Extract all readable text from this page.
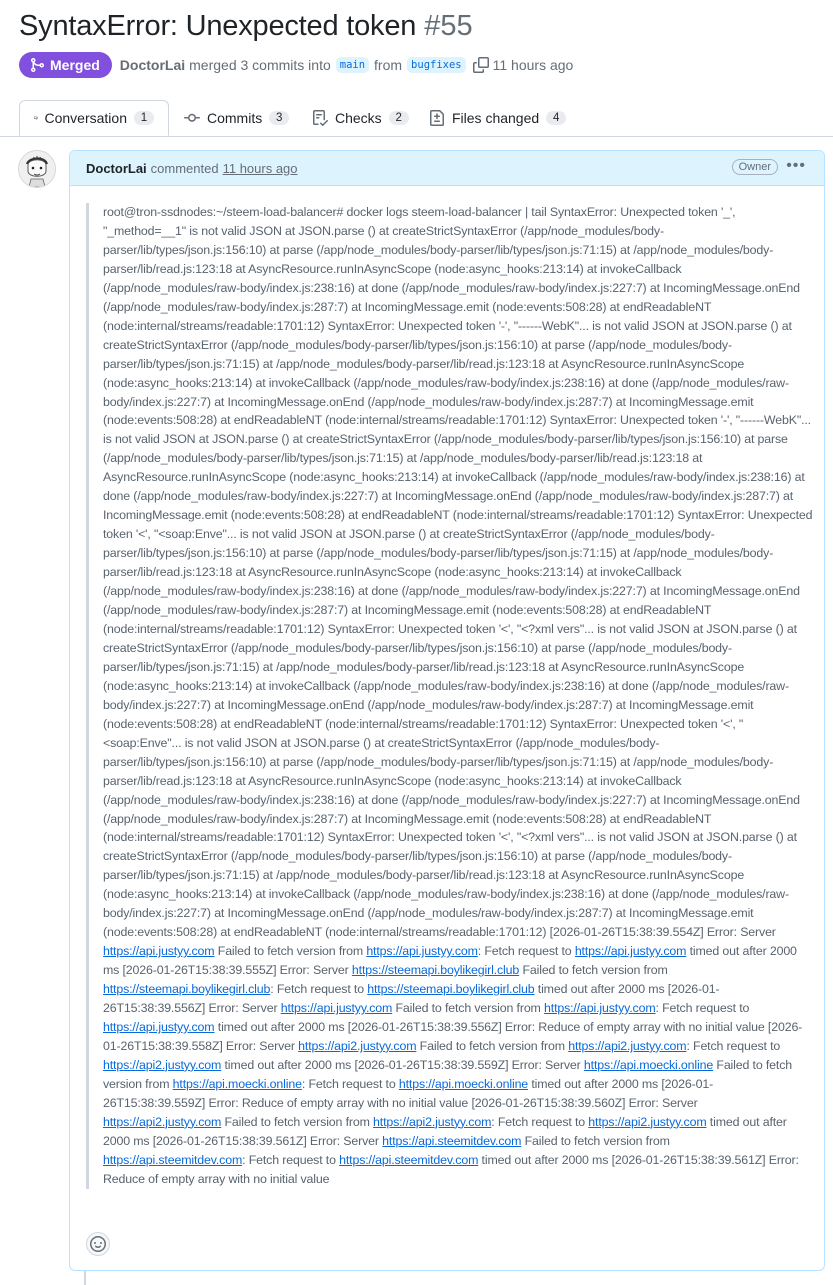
SyntaxError: Unexpected token #55
Merged DoctorLai merged 3 commits into main from bugfixes 11 hours ago
Conversation	1	Commits	3	Checks	2	Files changed	4
DoctorLai commented 11 hours ago	Owner •••

root@tron-ssdnodes:~/steem-load-balancer# docker logs steem-load-balancer | tail SyntaxError: Unexpected token '_', "_method=__1" is not valid JSON at JSON.parse () at createStrictSyntaxError (/app/node_modules/body-parser/lib/types/json.js:156:10) at parse (/app/node_modules/body-parser/lib/types/json.js:71:15) at /app/node_modules/body-parser/lib/read.js:123:18 at AsyncResource.runInAsyncScope (node:async_hooks:213:14) at invokeCallback (/app/node_modules/raw-body/index.js:238:16) at done (/app/node_modules/raw-body/index.js:227:7) at IncomingMessage.onEnd (/app/node_modules/raw-body/index.js:287:7) at IncomingMessage.emit (node:events:508:28) at endReadableNT (node:internal/streams/readable:1701:12) SyntaxError: Unexpected token '-', "------WebK"... is not valid JSON at JSON.parse () at createStrictSyntaxError (/app/node_modules/body-parser/lib/types/json.js:156:10) at parse (/app/node_modules/body-parser/lib/types/json.js:71:15) at /app/node_modules/body-parser/lib/read.js:123:18 at AsyncResource.runInAsyncScope (node:async_hooks:213:14) at invokeCallback (/app/node_modules/raw-body/index.js:238:16) at done (/app/node_modules/raw-body/index.js:227:7) at IncomingMessage.onEnd (/app/node_modules/raw-body/index.js:287:7) at IncomingMessage.emit (node:events:508:28) at endReadableNT (node:internal/streams/readable:1701:12) SyntaxError: Unexpected token '-', "------WebK"... is not valid JSON at JSON.parse () at createStrictSyntaxError (/app/node_modules/body-parser/lib/types/json.js:156:10) at parse (/app/node_modules/body-parser/lib/types/json.js:71:15) at /app/node_modules/body-parser/lib/read.js:123:18 at AsyncResource.runInAsyncScope (node:async_hooks:213:14) at invokeCallback (/app/node_modules/raw-body/index.js:238:16) at done (/app/node_modules/raw-body/index.js:227:7) at IncomingMessage.onEnd (/app/node_modules/raw-body/index.js:287:7) at IncomingMessage.emit (node:events:508:28) at endReadableNT (node:internal/streams/readable:1701:12) SyntaxError: Unexpected token '<', "<soap:Enve"... is not valid JSON at JSON.parse () at createStrictSyntaxError (/app/node_modules/body-parser/lib/types/json.js:156:10) at parse (/app/node_modules/body-parser/lib/types/json.js:71:15) at /app/node_modules/body-parser/lib/read.js:123:18 at AsyncResource.runInAsyncScope (node:async_hooks:213:14) at invokeCallback (/app/node_modules/raw-body/index.js:238:16) at done (/app/node_modules/raw-body/index.js:227:7) at IncomingMessage.onEnd (/app/node_modules/raw-body/index.js:287:7) at IncomingMessage.emit (node:events:508:28) at endReadableNT (node:internal/streams/readable:1701:12) SyntaxError: Unexpected token '<', "<?xml vers"... is not valid JSON at JSON.parse () at createStrictSyntaxError (/app/node_modules/body-parser/lib/types/json.js:156:10) at parse (/app/node_modules/body-parser/lib/types/json.js:71:15) at /app/node_modules/body-parser/lib/read.js:123:18 at AsyncResource.runInAsyncScope (node:async_hooks:213:14) at invokeCallback (/app/node_modules/raw-body/index.js:238:16) at done (/app/node_modules/raw-body/index.js:227:7) at IncomingMessage.onEnd (/app/node_modules/raw-body/index.js:287:7) at IncomingMessage.emit (node:events:508:28) at endReadableNT (node:internal/streams/readable:1701:12) SyntaxError: Unexpected token '<', "<soap:Enve"... is not valid JSON at JSON.parse () at createStrictSyntaxError (/app/node_modules/body-parser/lib/types/json.js:156:10) at parse (/app/node_modules/body-parser/lib/types/json.js:71:15) at /app/node_modules/body-parser/lib/read.js:123:18 at AsyncResource.runInAsyncScope (node:async_hooks:213:14) at invokeCallback (/app/node_modules/raw-body/index.js:238:16) at done (/app/node_modules/raw-body/index.js:227:7) at IncomingMessage.onEnd (/app/node_modules/raw-body/index.js:287:7) at IncomingMessage.emit (node:events:508:28) at endReadableNT (node:internal/streams/readable:1701:12) SyntaxError: Unexpected token '<', "<?xml vers"... is not valid JSON at JSON.parse () at createStrictSyntaxError (/app/node_modules/body-parser/lib/types/json.js:156:10) at parse (/app/node_modules/body-parser/lib/types/json.js:71:15) at /app/node_modules/body-parser/lib/read.js:123:18 at AsyncResource.runInAsyncScope (node:async_hooks:213:14) at invokeCallback (/app/node_modules/raw-body/index.js:238:16) at done (/app/node_modules/raw-body/index.js:227:7) at IncomingMessage.onEnd (/app/node_modules/raw-body/index.js:287:7) at IncomingMessage.emit (node:events:508:28) at endReadableNT (node:internal/streams/readable:1701:12) [2026-01-26T15:38:39.554Z] Error: Server https://api.justyy.com Failed to fetch version from https://api.justyy.com: Fetch request to https://api.justyy.com timed out after 2000 ms [2026-01-26T15:38:39.555Z] Error: Server https://steemapi.boylikegirl.club Failed to fetch version from https://steemapi.boylikegirl.club: Fetch request to https://steemapi.boylikegirl.club timed out after 2000 ms [2026-01-26T15:38:39.556Z] Error: Server https://api.justyy.com Failed to fetch version from https://api.justyy.com: Fetch request to https://api.justyy.com timed out after 2000 ms [2026-01-26T15:38:39.556Z] Error: Reduce of empty array with no initial value [2026-01-26T15:38:39.558Z] Error: Server https://api2.justyy.com Failed to fetch version from https://api2.justyy.com: Fetch request to https://api2.justyy.com timed out after 2000 ms [2026-01-26T15:38:39.559Z] Error: Server https://api.moecki.online Failed to fetch version from https://api.moecki.online: Fetch request to https://api.moecki.online timed out after 2000 ms [2026-01-26T15:38:39.559Z] Error: Reduce of empty array with no initial value [2026-01-26T15:38:39.560Z] Error: Server https://api2.justyy.com Failed to fetch version from https://api2.justyy.com: Fetch request to https://api2.justyy.com timed out after 2000 ms [2026-01-26T15:38:39.561Z] Error: Server https://api.steemitdev.com Failed to fetch version from https://api.steemitdev.com: Fetch request to https://api.steemitdev.com timed out after 2000 ms [2026-01-26T15:38:39.561Z] Error: Reduce of empty array with no initial value
